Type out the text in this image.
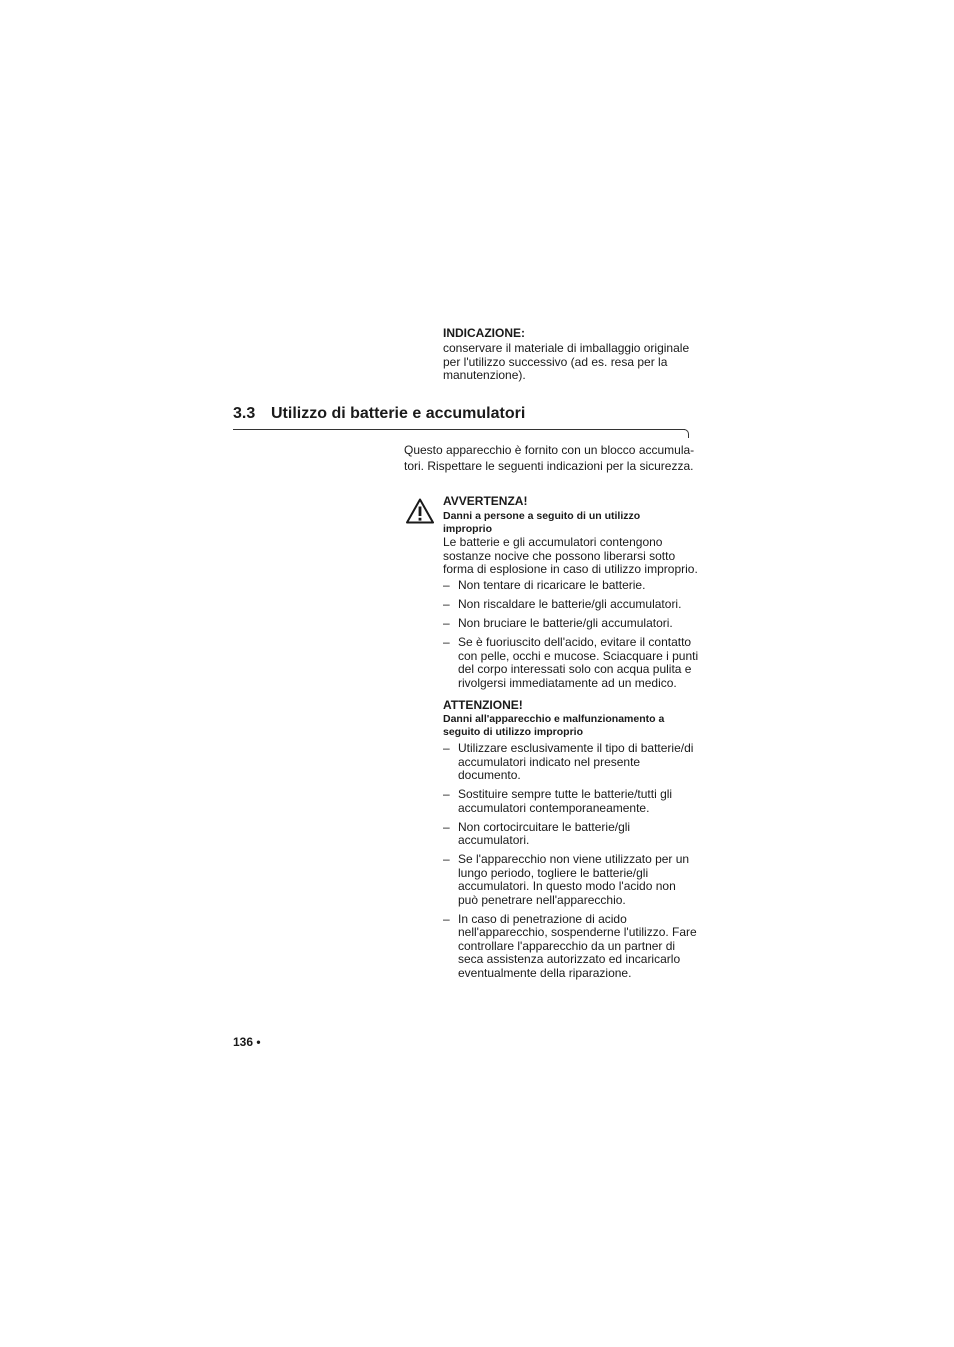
INDICAZIONE:
conservare il materiale di imballaggio originale
per l'utilizzo successivo (ad es. resa per la
manutenzione).
3.3 Utilizzo di batterie e accumulatori
Questo apparecchio è fornito con un blocco accumula-
tori. Rispettare le seguenti indicazioni per la sicurezza.
AVVERTENZA!
Danni a persone a seguito di un utilizzo
improprio
Le batterie e gli accumulatori contengono
sostanze nocive che possono liberarsi sotto
forma di esplosione in caso di utilizzo improprio.
– Non tentare di ricaricare le batterie.
– Non riscaldare le batterie/gli accumulatori.
– Non bruciare le batterie/gli accumulatori.
– Se è fuoriuscito dell'acido, evitare il contatto
con pelle, occhi e mucose. Sciacquare i punti
del corpo interessati solo con acqua pulita e
rivolgersi immediatamente ad un medico.
ATTENZIONE!
Danni all'apparecchio e malfunzionamento a
seguito di utilizzo improprio
– Utilizzare esclusivamente il tipo di batterie/di
accumulatori indicato nel presente
documento.
– Sostituire sempre tutte le batterie/tutti gli
accumulatori contemporaneamente.
– Non cortocircuitare le batterie/gli
accumulatori.
– Se l'apparecchio non viene utilizzato per un
lungo periodo, togliere le batterie/gli
accumulatori. In questo modo l'acido non
può penetrare nell'apparecchio.
– In caso di penetrazione di acido
nell'apparecchio, sospenderne l'utilizzo. Fare
controllare l'apparecchio da un partner di
seca assistenza autorizzato ed incaricarlo
eventualmente della riparazione.
136 •
